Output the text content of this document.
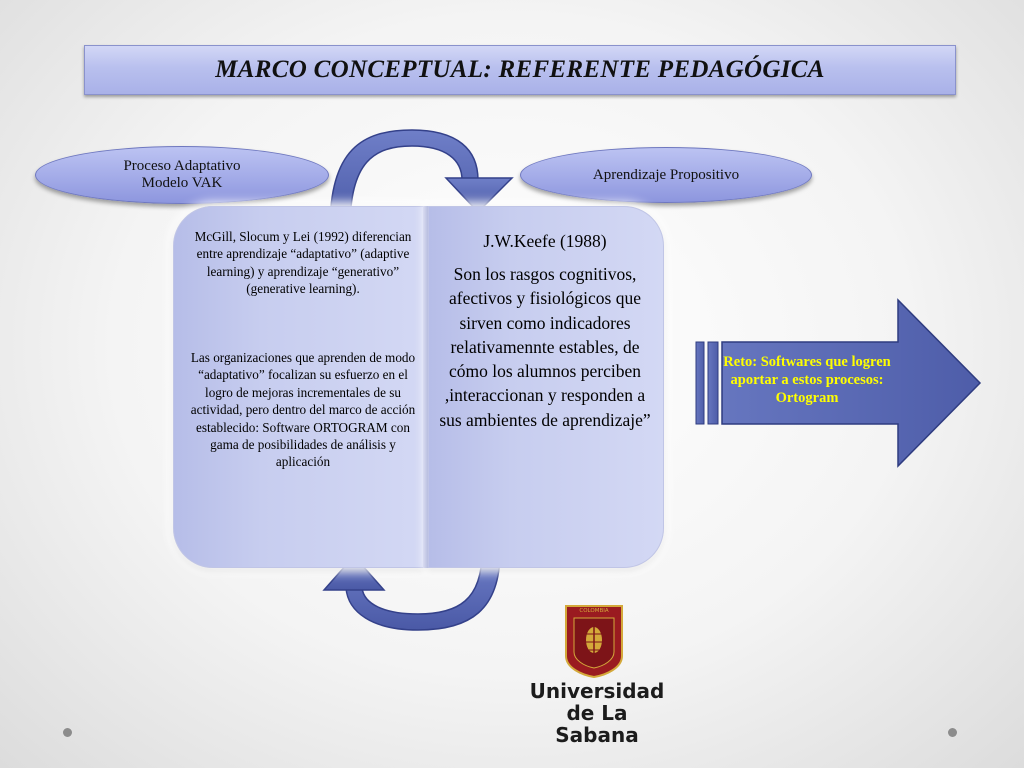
MARCO CONCEPTUAL: REFERENTE PEDAGÓGICA
Proceso Adaptativo
Modelo VAK
Aprendizaje Propositivo
McGill, Slocum y Lei (1992) diferencian entre aprendizaje “adaptativo” (adaptive learning) y aprendizaje “generativo” (generative learning).
Las organizaciones que aprenden de modo “adaptativo” focalizan su esfuerzo en el logro de mejoras incrementales de su actividad, pero dentro del marco de acción establecido: Software ORTOGRAM con gama de posibilidades de análisis y aplicación
J.W.Keefe (1988)
Son los rasgos cognitivos, afectivos y fisiológicos que sirven como indicadores relativamennte estables, de cómo los alumnos perciben ,interaccionan y responden a sus ambientes de aprendizaje”
Reto: Softwares que logren aportar a estos procesos: Ortogram
COLOMBIA
Universidad
de La Sabana
